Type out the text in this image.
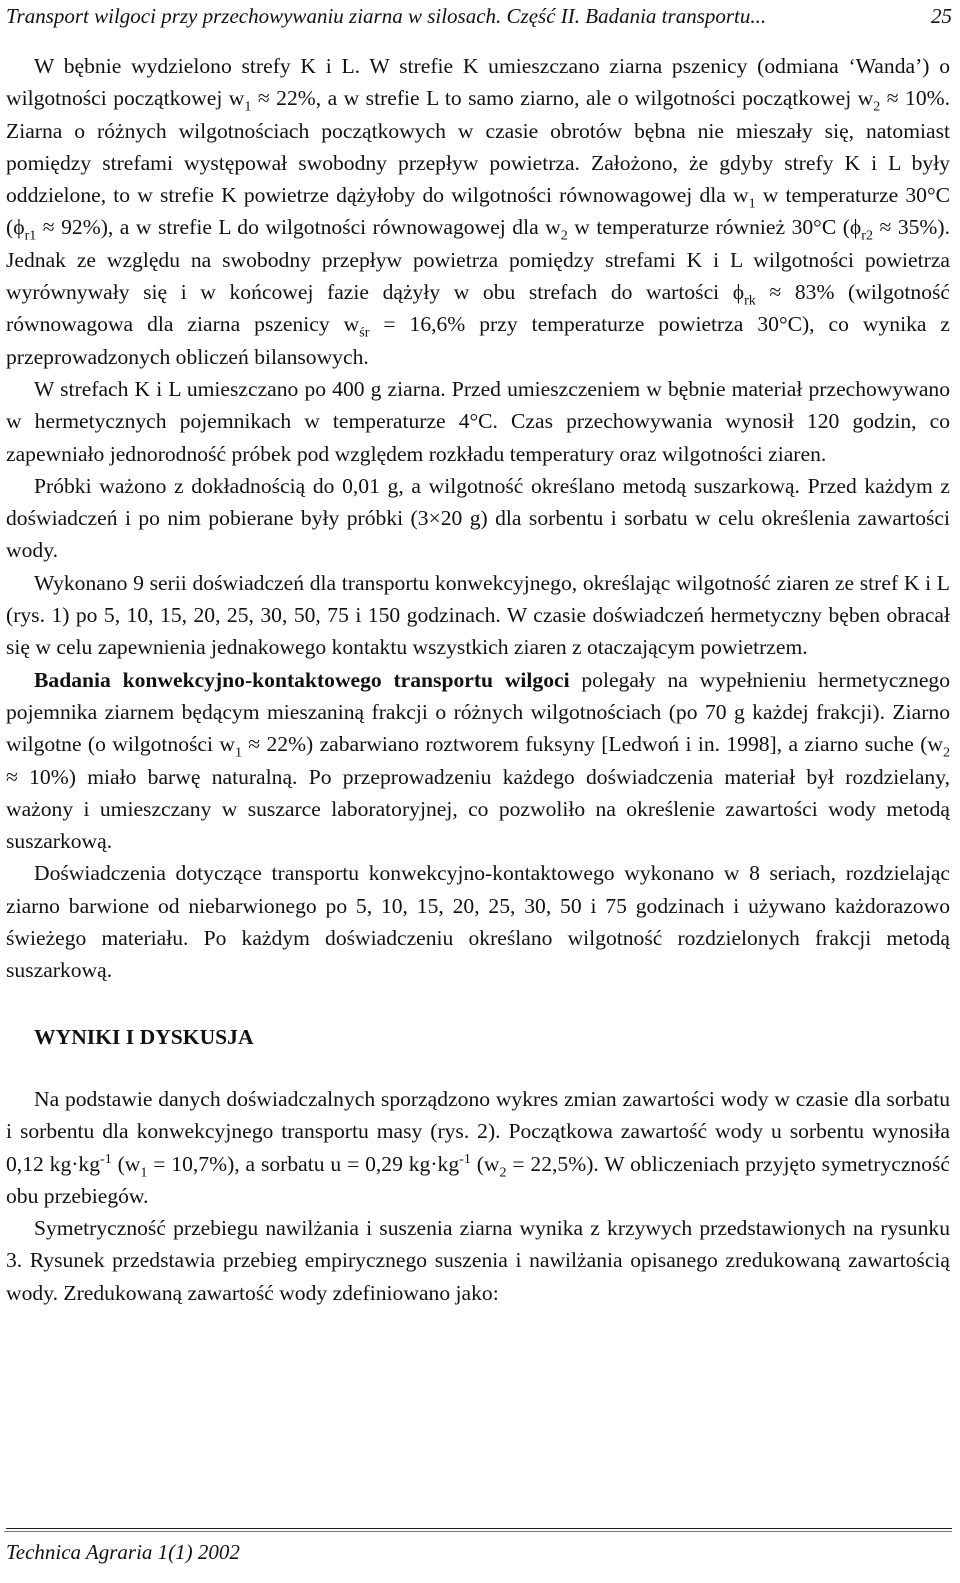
Transport wilgoci przy przechowywaniu ziarna w silosach. Część II. Badania transportu...	25

W bębnie wydzielono strefy K i L. W strefie K umieszczano ziarna pszenicy (odmiana ‘Wanda’) o wilgotności początkowej $w_1 \approx 22\%$, a w strefie L to samo ziarno, ale o wilgotności początkowej $w_2 \approx 10\%$. Ziarna o różnych wilgotnościach początkowych w czasie obrotów bębna nie mieszały się, natomiast pomiędzy strefami występował swobodny przepływ powietrza. Założono, że gdyby strefy K i L były oddzielone, to w strefie K powietrze dążyłoby do wilgotności równowagowej dla $w_1$ w temperaturze 30°C $(\phi_{r1} \approx 92\%)$, a w strefie L do wilgotności równowagowej dla $w_2$ w temperaturze również 30°C $(\phi_{r2} \approx 35\%)$. Jednak ze względu na swobodny przepływ powietrza pomiędzy strefami K i L wilgotności powietrza wyrównywały się i w końcowej fazie dążyły w obu strefach do wartości $\phi_{rk} \approx 83\%$ (wilgotność równowagowa dla ziarna pszenicy $w_{śr} = 16,6\%$ przy temperaturze powietrza 30°C), co wynika z przeprowadzonych obliczeń bilansowych.

W strefach K i L umieszczano po 400 g ziarna. Przed umieszczeniem w bębnie materiał przechowywano w hermetycznych pojemnikach w temperaturze 4°C. Czas przechowywania wynosił 120 godzin, co zapewniało jednorodność próbek pod względem rozkładu temperatury oraz wilgotności ziaren.

Próbki ważono z dokładnością do 0,01 g, a wilgotność określano metodą suszarkową. Przed każdym z doświadczeń i po nim pobierane były próbki (3×20 g) dla sorbentu i sorbatu w celu określenia zawartości wody.

Wykonano 9 serii doświadczeń dla transportu konwekcyjnego, określając wilgotność ziaren ze stref K i L (rys. 1) po 5, 10, 15, 20, 25, 30, 50, 75 i 150 godzinach. W czasie doświadczeń hermetyczny bęben obracał się w celu zapewnienia jednakowego kontaktu wszystkich ziaren z otaczającym powietrzem.

Badania konwekcyjno-kontaktowego transportu wilgoci polegały na wypełnieniu hermetycznego pojemnika ziarnem będącym mieszaniną frakcji o różnych wilgotnościach (po 70 g każdej frakcji). Ziarno wilgotne (o wilgotności $w_1 \approx 22\%$) zabarwiano roztworem fuksyny [Ledwoń i in. 1998], a ziarno suche $(w_2 \approx 10\%)$ miało barwę naturalną. Po przeprowadzeniu każdego doświadczenia materiał był rozdzielany, ważony i umieszczany w suszarce laboratoryjnej, co pozwoliło na określenie zawartości wody metodą suszarkową.

Doświadczenia dotyczące transportu konwekcyjno-kontaktowego wykonano w 8 seriach, rozdzielając ziarno barwione od niebarwionego po 5, 10, 15, 20, 25, 30, 50 i 75 godzinach i używano każdorazowo świeżego materiału. Po każdym doświadczeniu określano wilgotność rozdzielonych frakcji metodą suszarkową.

WYNIKI I DYSKUSJA

Na podstawie danych doświadczalnych sporządzono wykres zmian zawartości wody w czasie dla sorbatu i sorbentu dla konwekcyjnego transportu masy (rys. 2). Początkowa zawartość wody u sorbentu wynosiła 0,12 $kg\cdot kg^{-1}$ $(w_1 = 10,7\%)$, a sorbatu u = 0,29 $kg\cdot kg^{-1}$ $(w_2 = 22,5\%)$. W obliczeniach przyjęto symetryczność obu przebiegów.

Symetryczność przebiegu nawilżania i suszenia ziarna wynika z krzywych przedstawionych na rysunku 3. Rysunek przedstawia przebieg empirycznego suszenia i nawilżania opisanego zredukowaną zawartością wody. Zredukowaną zawartość wody zdefiniowano jako:

Technica Agraria 1(1) 2002
